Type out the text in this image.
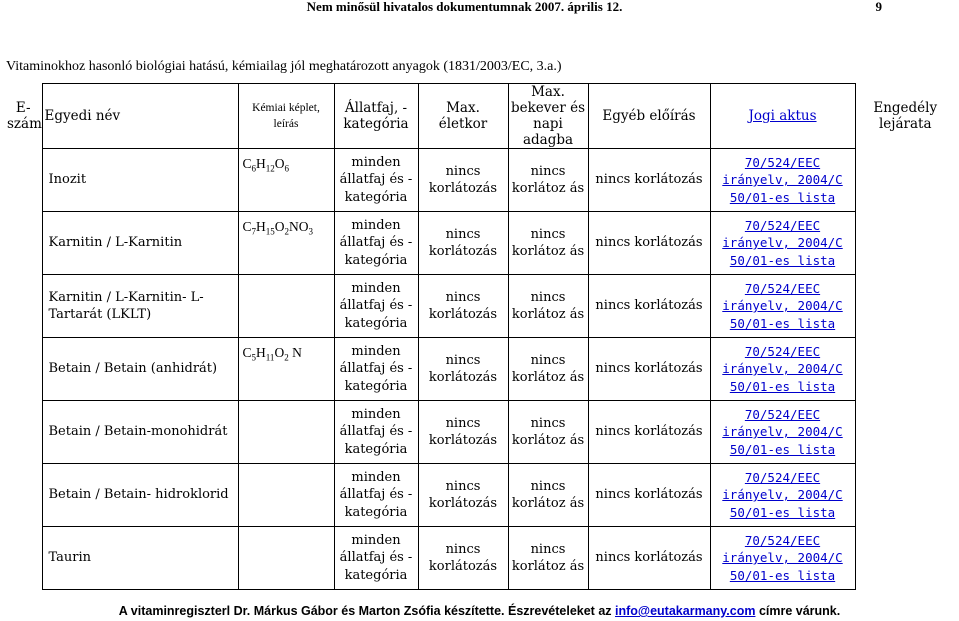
Nem minősül hivatalos dokumentumnak 2007. április 12.	9
Vitaminokhoz hasonló biológiai hatású, kémiailag jól meghatározott anyagok (1831/2003/EC, 3.a.)
E-szám	Egyedi név	Kémiai képlet, leírás	Állatfaj, - kategória	Max. életkor	Max. bekever és napi adagba	Egyéb előírás	Jogi aktus	Engedély lejárata
	Inozit	$C_6H_{12}O_6$	minden állatfaj és -kategória	nincs korlátozás	nincs korlátoz ás	nincs korlátozás	70/524/EEC irányelv, 2004/C 50/01-es lista	
	Karnitin / L-Karnitin	$C_7H_{15}O_2NO_3$	minden állatfaj és -kategória	nincs korlátozás	nincs korlátoz ás	nincs korlátozás	70/524/EEC irányelv, 2004/C 50/01-es lista	
	Karnitin / L-Karnitin- L-Tartarát (LKLT)		minden állatfaj és -kategória	nincs korlátozás	nincs korlátoz ás	nincs korlátozás	70/524/EEC irányelv, 2004/C 50/01-es lista	
	Betain / Betain (anhidrát)	$C_5H_{11}O_2$ N	minden állatfaj és -kategória	nincs korlátozás	nincs korlátoz ás	nincs korlátozás	70/524/EEC irányelv, 2004/C 50/01-es lista	
	Betain / Betain-monohidrát		minden állatfaj és -kategória	nincs korlátozás	nincs korlátoz ás	nincs korlátozás	70/524/EEC irányelv, 2004/C 50/01-es lista	
	Betain / Betain- hidroklorid		minden állatfaj és -kategória	nincs korlátozás	nincs korlátoz ás	nincs korlátozás	70/524/EEC irányelv, 2004/C 50/01-es lista	
	Taurin		minden állatfaj és -kategória	nincs korlátozás	nincs korlátoz ás	nincs korlátozás	70/524/EEC irányelv, 2004/C 50/01-es lista	
A vitaminregiszterl Dr. Márkus Gábor és Marton Zsófia készítette. Észrevételeket az info@eutakarmany.com címre várunk.
